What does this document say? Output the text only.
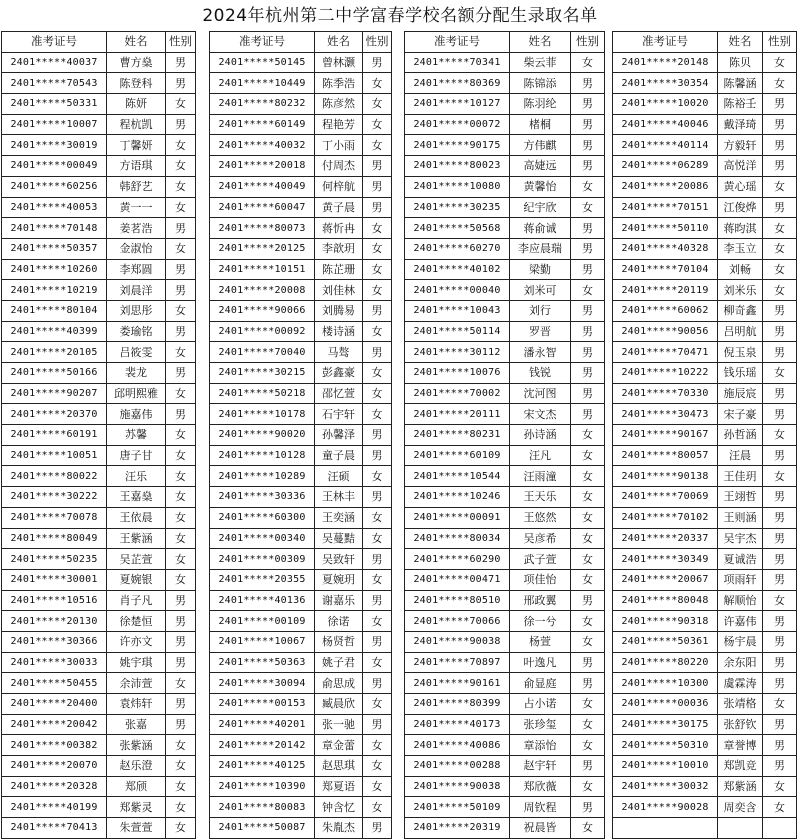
2024年杭州第二中学富春学校名额分配生录取名单
准考证号	姓名	性别
2401*****40037	曹方燊	男
2401*****70543	陈登科	男
2401*****50331	陈妍	女
2401*****10007	程杭凯	男
2401*****30019	丁馨妍	女
2401*****00049	方语琪	女
2401*****60256	韩舒艺	女
2401*****40053	黄一一	女
2401*****70148	姜茗浩	男
2401*****50357	金淑怡	女
2401*****10260	李郑圆	男
2401*****10219	刘晨洋	男
2401*****80104	刘思彤	女
2401*****40399	娄瑜铭	男
2401*****20105	吕筱雯	女
2401*****50166	裴龙	男
2401*****90207	邱明熙雅	女
2401*****20370	施嘉伟	男
2401*****60191	苏馨	女
2401*****10051	唐子甘	女
2401*****80022	汪乐	女
2401*****30222	王嘉燊	女
2401*****70078	王依晨	女
2401*****80049	王紫涵	女
2401*****50235	吴芷萱	女
2401*****30001	夏婉银	女
2401*****10516	肖子凡	男
2401*****20130	徐楚恒	男
2401*****30366	许亦文	男
2401*****30033	姚宇琪	男
2401*****50455	余沛萱	女
2401*****20400	袁炜轩	男
2401*****20042	张嘉	男
2401*****00382	张紫涵	女
2401*****20070	赵乐澄	女
2401*****20328	郑颀	女
2401*****40199	郑紫灵	女
2401*****70413	朱萱萱	女
准考证号	姓名	性别
2401*****50145	曾林灏	男
2401*****10449	陈季浩	女
2401*****80232	陈彦然	女
2401*****60149	程艳芳	女
2401*****40032	丁小雨	女
2401*****20018	付周杰	男
2401*****40049	何梓航	男
2401*****60047	黄子晨	男
2401*****80073	蒋忻冉	女
2401*****20125	李歆玥	女
2401*****10151	陈芷珊	女
2401*****20008	刘佳林	女
2401*****90066	刘腾易	男
2401*****00092	楼诗涵	女
2401*****70040	马骜	男
2401*****30215	彭鑫豪	女
2401*****50218	邵忆萱	女
2401*****10178	石宇轩	女
2401*****90020	孙馨泽	男
2401*****10128	童子晨	男
2401*****10289	汪硕	女
2401*****30336	王林丰	男
2401*****60300	王奕涵	女
2401*****00340	吴蔓黠	女
2401*****00309	吴致轩	男
2401*****20355	夏婉玥	女
2401*****40136	谢嘉乐	男
2401*****00109	徐诺	女
2401*****10067	杨贤哲	男
2401*****50363	姚子君	女
2401*****30094	俞思成	男
2401*****00153	臧晨欣	女
2401*****40201	张一驰	男
2401*****20142	章金蕾	女
2401*****40125	赵思琪	女
2401*****10390	郑夏语	女
2401*****80083	钟含忆	女
2401*****50087	朱胤杰	男
准考证号	姓名	性别
2401*****70341	柴云菲	女
2401*****80369	陈锦添	男
2401*****10127	陈羽纶	男
2401*****00072	楮桐	男
2401*****90175	方伟麒	男
2401*****80023	高婕远	男
2401*****10080	黄馨怡	女
2401*****30235	纪宇欣	女
2401*****50568	蒋俞诚	男
2401*****60270	李应晨瑞	男
2401*****40102	梁勤	男
2401*****00040	刘米可	女
2401*****10043	刘行	男
2401*****50114	罗晋	男
2401*****30112	潘永智	男
2401*****10076	钱锐	男
2401*****70002	沈河图	男
2401*****20111	宋文杰	男
2401*****80231	孙诗涵	女
2401*****60109	汪凡	女
2401*****10544	汪雨潼	女
2401*****10246	王天乐	女
2401*****00091	王悠然	女
2401*****80034	吴彦希	女
2401*****60290	武子萱	女
2401*****00471	项佳怡	女
2401*****80510	邢政翼	男
2401*****70066	徐一兮	女
2401*****90038	杨萱	女
2401*****70897	叶逸凡	男
2401*****90161	俞显庭	男
2401*****80399	占小诺	女
2401*****40173	张珍玺	女
2401*****40086	章添怡	女
2401*****00288	赵宇轩	男
2401*****90038	郑欣薇	女
2401*****50109	周钦程	男
2401*****20319	祝晨皆	女
准考证号	姓名	性别
2401*****20148	陈贝	女
2401*****30354	陈馨涵	女
2401*****10020	陈裕壬	男
2401*****40046	戴泽琦	男
2401*****40114	方毅轩	男
2401*****06289	高悦洋	男
2401*****20086	黄心瑶	女
2401*****70151	江俊烨	男
2401*****50110	蒋昀淇	女
2401*****40328	李玉立	女
2401*****70104	刘畅	女
2401*****20119	刘米乐	女
2401*****60062	柳奇鑫	男
2401*****90056	吕明航	男
2401*****70471	倪玉泉	男
2401*****10222	钱乐瑶	女
2401*****70330	施辰宸	男
2401*****30473	宋子豪	男
2401*****90167	孙哲涵	女
2401*****80057	汪晨	男
2401*****90138	王佳玥	女
2401*****70069	王翊哲	男
2401*****70102	王则涵	男
2401*****20337	吴宇杰	男
2401*****30349	夏诚浩	男
2401*****20067	项雨轩	男
2401*****80048	解顺怡	女
2401*****90318	许嘉伟	男
2401*****50361	杨宇晨	男
2401*****80220	余东阳	男
2401*****10300	虞霖涛	男
2401*****00036	张靖格	女
2401*****30175	张舒钦	男
2401*****50310	章誉博	男
2401*****10010	郑凯竞	男
2401*****30032	郑紫涵	女
2401*****90028	周奕含	女
